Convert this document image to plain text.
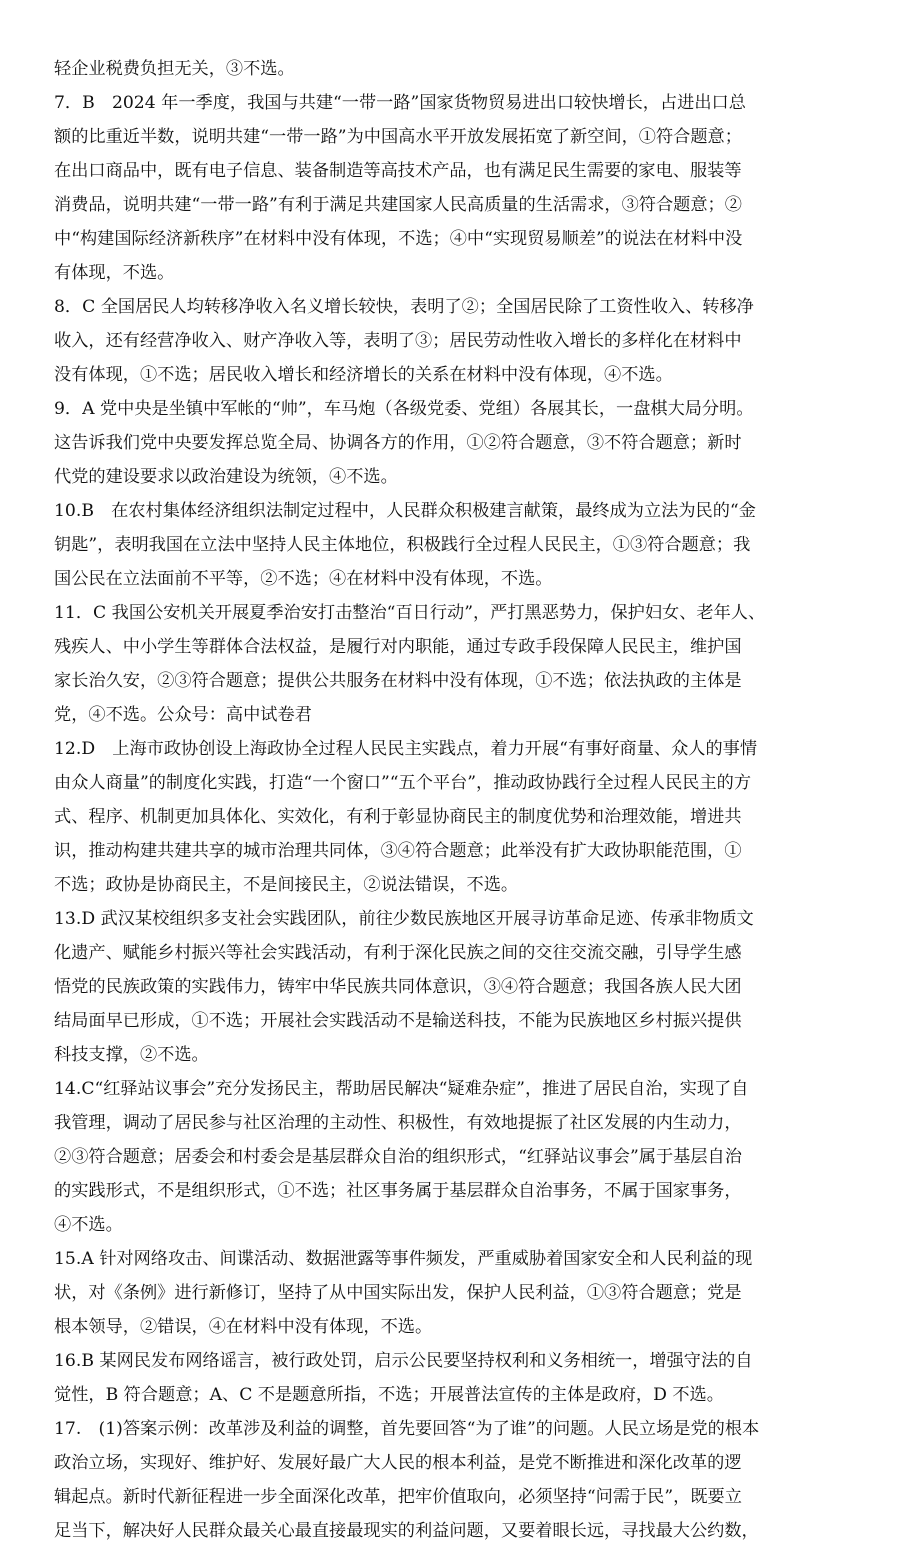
轻企业税费负担无关，③不选。
7．B　2024 年一季度，我国与共建“一带一路”国家货物贸易进出口较快增长，占进出口总
额的比重近半数，说明共建“一带一路”为中国高水平开放发展拓宽了新空间，①符合题意；
在出口商品中，既有电子信息、装备制造等高技术产品，也有满足民生需要的家电、服装等
消费品，说明共建“一带一路”有利于满足共建国家人民高质量的生活需求，③符合题意；②
中“构建国际经济新秩序”在材料中没有体现，不选；④中“实现贸易顺差”的说法在材料中没
有体现，不选。
8．C 全国居民人均转移净收入名义增长较快，表明了②；全国居民除了工资性收入、转移净
收入，还有经营净收入、财产净收入等，表明了③；居民劳动性收入增长的多样化在材料中
没有体现，①不选；居民收入增长和经济增长的关系在材料中没有体现，④不选。
9．A 党中央是坐镇中军帐的“帅”，车马炮（各级党委、党组）各展其长，一盘棋大局分明。
这告诉我们党中央要发挥总览全局、协调各方的作用，①②符合题意，③不符合题意；新时
代党的建设要求以政治建设为统领，④不选。
10.B　在农村集体经济组织法制定过程中，人民群众积极建言献策，最终成为立法为民的“金
钥匙”，表明我国在立法中坚持人民主体地位，积极践行全过程人民民主，①③符合题意；我
国公民在立法面前不平等，②不选；④在材料中没有体现，不选。
11．C 我国公安机关开展夏季治安打击整治“百日行动”，严打黑恶势力，保护妇女、老年人、
残疾人、中小学生等群体合法权益，是履行对内职能，通过专政手段保障人民民主，维护国
家长治久安，②③符合题意；提供公共服务在材料中没有体现，①不选；依法执政的主体是
党，④不选。公众号：高中试卷君
12.D　上海市政协创设上海政协全过程人民民主实践点，着力开展“有事好商量、众人的事情
由众人商量”的制度化实践，打造“一个窗口”“五个平台”，推动政协践行全过程人民民主的方
式、程序、机制更加具体化、实效化，有利于彰显协商民主的制度优势和治理效能，增进共
识，推动构建共建共享的城市治理共同体，③④符合题意；此举没有扩大政协职能范围，①
不选；政协是协商民主，不是间接民主，②说法错误，不选。
13.D 武汉某校组织多支社会实践团队，前往少数民族地区开展寻访革命足迹、传承非物质文
化遗产、赋能乡村振兴等社会实践活动，有利于深化民族之间的交往交流交融，引导学生感
悟党的民族政策的实践伟力，铸牢中华民族共同体意识，③④符合题意；我国各族人民大团
结局面早已形成，①不选；开展社会实践活动不是输送科技，不能为民族地区乡村振兴提供
科技支撑，②不选。
14.C“红驿站议事会”充分发扬民主，帮助居民解决“疑难杂症”，推进了居民自治，实现了自
我管理，调动了居民参与社区治理的主动性、积极性，有效地提振了社区发展的内生动力，
②③符合题意；居委会和村委会是基层群众自治的组织形式，“红驿站议事会”属于基层自治
的实践形式，不是组织形式，①不选；社区事务属于基层群众自治事务，不属于国家事务，
④不选。
15.A 针对网络攻击、间谍活动、数据泄露等事件频发，严重威胁着国家安全和人民利益的现
状，对《条例》进行新修订，坚持了从中国实际出发，保护人民利益，①③符合题意；党是
根本领导，②错误，④在材料中没有体现，不选。
16.B 某网民发布网络谣言，被行政处罚，启示公民要坚持权利和义务相统一，增强守法的自
觉性，B 符合题意；A、C 不是题意所指，不选；开展普法宣传的主体是政府，D 不选。
17.　(1)答案示例：改革涉及利益的调整，首先要回答“为了谁”的问题。人民立场是党的根本
政治立场，实现好、维护好、发展好最广大人民的根本利益，是党不断推进和深化改革的逻
辑起点。新时代新征程进一步全面深化改革，把牢价值取向，必须坚持“问需于民”，既要立
足当下，解决好人民群众最关心最直接最现实的利益问题，又要着眼长远，寻找最大公约数，
